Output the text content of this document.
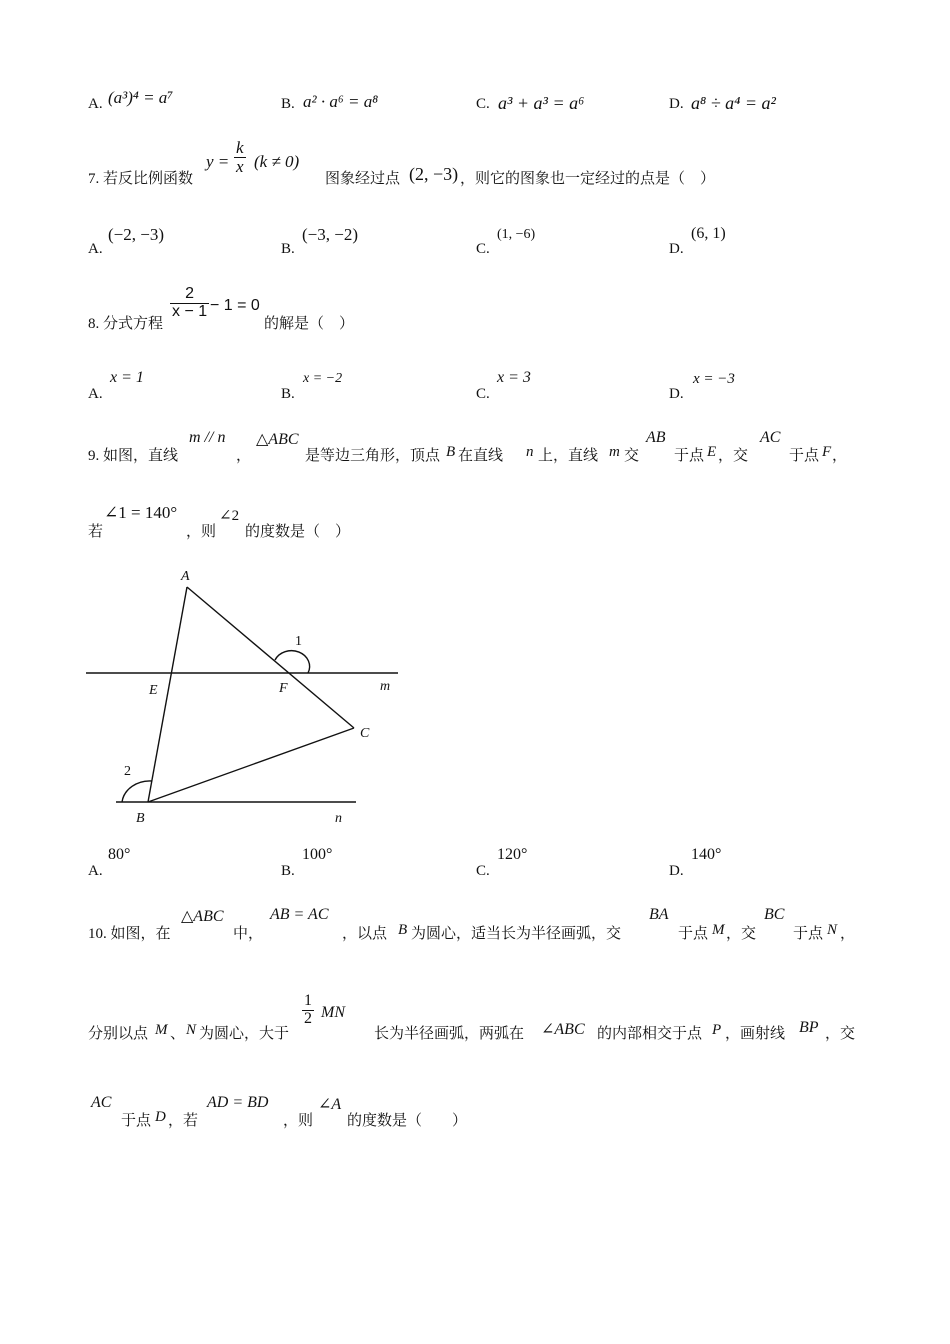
A. (a³)⁴ = a⁷	B. a² · a⁶ = a⁸	C. a³ + a³ = a⁶	D. a⁸ ÷ a⁴ = a²
7. 若反比例函数
$y = \frac{k}{x} (k \ne 0)$
图象经过点 (2, −3) ，则它的图象也一定经过的点是（　）
A.
(−2, −3)
B.
(−3, −2)
C.
(1, −6)
D.
(6, 1)
8. 分式方程
$\frac{2}{x - 1} - 1 = 0$
的解是（　）
A.
x = 1
B.
x = −2
C.
x = 3
D.
x = −3
9. 如图，直线
m // n
，
△ABC
是等边三角形，顶点 B 在直线 n 上，直线 m 交
AB
于点 E ，交
AC
于点 F ，
若
∠1 = 140°
，则
∠2
的度数是（　）
A
B
C
E	F	m
n
1
2
A.
80°
B.
100°
C.
120°
D.
140°
10. 如图，在
△ABC
中，
AB = AC
，以点 B 为圆心，适当长为半径画弧，交
BA
于点 M ，交
BC
于点 N ，
分别以点 M 、 N 为圆心，大于
$\frac{1}{2}$ MN
长为半径画弧，两弧在 ∠ABC 的内部相交于点 P ，画射线 BP ，交
AC
于点 D ，若
AD = BD
，则
∠A
的度数是（　　）
